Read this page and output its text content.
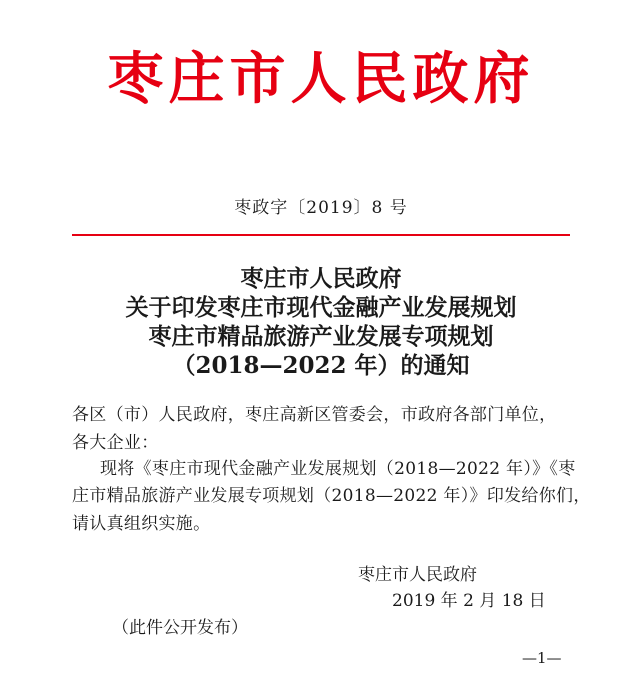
枣庄市人民政府
枣政字〔2019〕8 号
枣庄市人民政府
关于印发枣庄市现代金融产业发展规划
枣庄市精品旅游产业发展专项规划
（2018—2022 年）的通知
各区（市）人民政府，枣庄高新区管委会，市政府各部门单位，
各大企业：
现将《枣庄市现代金融产业发展规划（2018—2022 年）》《枣
庄市精品旅游产业发展专项规划（2018—2022 年）》印发给你们，
请认真组织实施。
枣庄市人民政府
2019 年 2 月 18 日
（此件公开发布）
—1—
